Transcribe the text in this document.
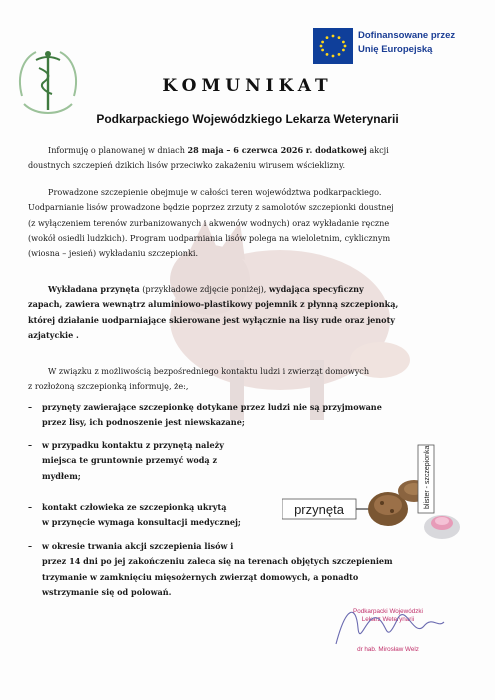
Dofinansowane przez
Unię Europejską
KOMUNIKAT
Podkarpackiego Wojewódzkiego Lekarza Weterynarii
Informuję o planowanej w dniach 28 maja – 6 czerwca 2026 r. dodatkowej akcji
doustnych szczepień dzikich lisów przeciwko zakażeniu wirusem wścieklizny.
Prowadzone szczepienie obejmuje w całości teren województwa podkarpackiego.
Uodparnianie lisów prowadzone będzie poprzez zrzuty z samolotów szczepionki doustnej
(z wyłączeniem terenów zurbanizowanych i akwenów wodnych) oraz wykładanie ręczne
(wokół osiedli ludzkich). Program uodparniania lisów polega na wieloletnim, cyklicznym
(wiosna – jesień) wykładaniu szczepionki.
Wykładana przynęta (przykładowe zdjęcie poniżej), wydająca specyficzny
zapach, zawiera wewnątrz aluminiowo-plastikowy pojemnik z płynną szczepionką,
której działanie uodparniające skierowane jest wyłącznie na lisy rude oraz jenoty
azjatyckie .
W związku z możliwością bezpośredniego kontaktu ludzi i zwierząt domowych
z rozłożoną szczepionką informuję, że:,
– przynęty zawierające szczepionkę dotykane przez ludzi nie są przyjmowane
przez lisy, ich podnoszenie jest niewskazane;
– w przypadku kontaktu z przynętą należy
miejsca te gruntownie przemyć wodą z
mydłem;
– kontakt człowieka ze szczepionką ukrytą
w przynęcie wymaga konsultacji medycznej;
– w okresie trwania akcji szczepienia lisów i
przez 14 dni po jej zakończeniu zaleca się na terenach objętych szczepieniem
trzymanie w zamknięciu mięsożernych zwierząt domowych, a ponadto
wstrzymanie się od polowań.
przynęta
blister - szczepionka
Podkarpacki Wojewódzki
Lekarz Weterynarii
dr hab. Mirosław Welz
